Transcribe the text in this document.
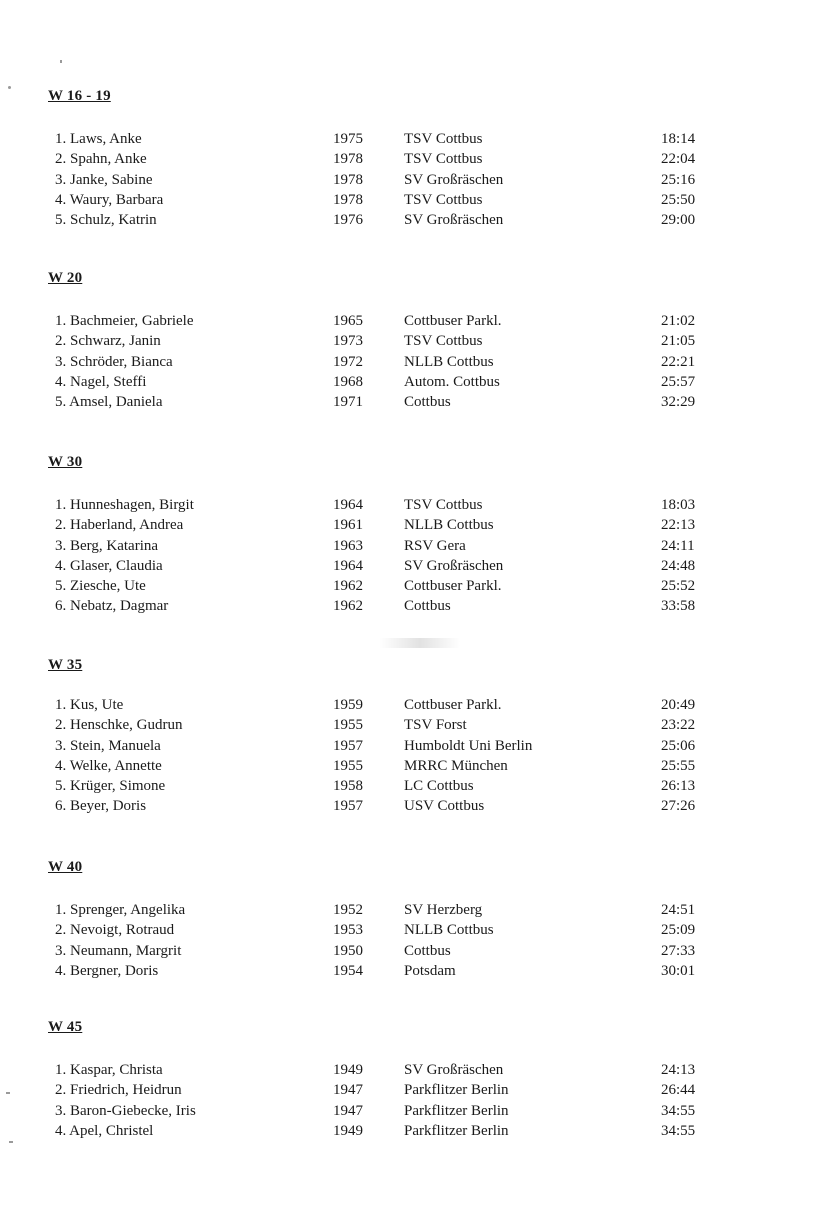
W 16 - 19
1. Laws, Anke	1975	TSV Cottbus	18:14
2. Spahn, Anke	1978	TSV Cottbus	22:04
3. Janke, Sabine	1978	SV Großräschen	25:16
4. Waury, Barbara	1978	TSV Cottbus	25:50
5. Schulz, Katrin	1976	SV Großräschen	29:00
W 20
1. Bachmeier, Gabriele	1965	Cottbuser Parkl.	21:02
2. Schwarz, Janin	1973	TSV Cottbus	21:05
3. Schröder, Bianca	1972	NLLB Cottbus	22:21
4. Nagel, Steffi	1968	Autom. Cottbus	25:57
5. Amsel, Daniela	1971	Cottbus	32:29
W 30
1. Hunneshagen, Birgit	1964	TSV Cottbus	18:03
2. Haberland, Andrea	1961	NLLB Cottbus	22:13
3. Berg, Katarina	1963	RSV Gera	24:11
4. Glaser, Claudia	1964	SV Großräschen	24:48
5. Ziesche, Ute	1962	Cottbuser Parkl.	25:52
6. Nebatz, Dagmar	1962	Cottbus	33:58
W 35
1. Kus, Ute	1959	Cottbuser Parkl.	20:49
2. Henschke, Gudrun	1955	TSV Forst	23:22
3. Stein, Manuela	1957	Humboldt Uni Berlin	25:06
4. Welke, Annette	1955	MRRC München	25:55
5. Krüger, Simone	1958	LC Cottbus	26:13
6. Beyer, Doris	1957	USV Cottbus	27:26
W 40
1. Sprenger, Angelika	1952	SV Herzberg	24:51
2. Nevoigt, Rotraud	1953	NLLB Cottbus	25:09
3. Neumann, Margrit	1950	Cottbus	27:33
4. Bergner, Doris	1954	Potsdam	30:01
W 45
1. Kaspar, Christa	1949	SV Großräschen	24:13
2. Friedrich, Heidrun	1947	Parkflitzer Berlin	26:44
3. Baron-Giebecke, Iris	1947	Parkflitzer Berlin	34:55
4. Apel, Christel	1949	Parkflitzer Berlin	34:55
